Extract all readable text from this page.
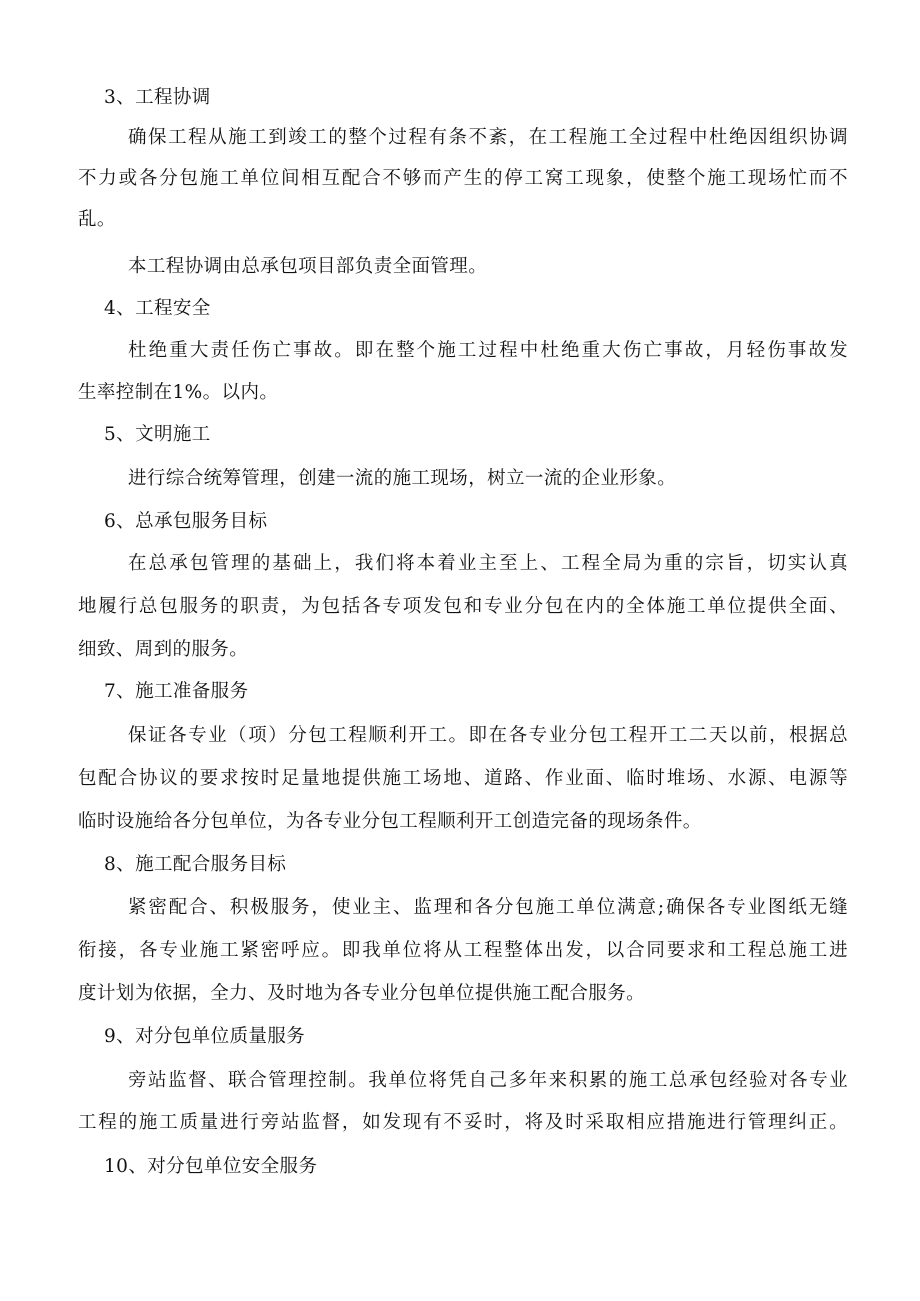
3、工程协调
确保工程从施工到竣工的整个过程有条不紊，在工程施工全过程中杜绝因组织协调
不力或各分包施工单位间相互配合不够而产生的停工窝工现象，使整个施工现场忙而不
乱。
本工程协调由总承包项目部负责全面管理。
4、工程安全
杜绝重大责任伤亡事故。即在整个施工过程中杜绝重大伤亡事故，月轻伤事故发
生率控制在1%。以内。
5、文明施工
进行综合统筹管理，创建一流的施工现场，树立一流的企业形象。
6、总承包服务目标
在总承包管理的基础上，我们将本着业主至上、工程全局为重的宗旨，切实认真
地履行总包服务的职责，为包括各专项发包和专业分包在内的全体施工单位提供全面、
细致、周到的服务。
7、施工准备服务
保证各专业（项）分包工程顺利开工。即在各专业分包工程开工二天以前，根据总
包配合协议的要求按时足量地提供施工场地、道路、作业面、临时堆场、水源、电源等
临时设施给各分包单位，为各专业分包工程顺利开工创造完备的现场条件。
8、施工配合服务目标
紧密配合、积极服务，使业主、监理和各分包施工单位满意;确保各专业图纸无缝
衔接，各专业施工紧密呼应。即我单位将从工程整体出发，以合同要求和工程总施工进
度计划为依据，全力、及时地为各专业分包单位提供施工配合服务。
9、对分包单位质量服务
旁站监督、联合管理控制。我单位将凭自己多年来积累的施工总承包经验对各专业
工程的施工质量进行旁站监督，如发现有不妥时，将及时采取相应措施进行管理纠正。
10、对分包单位安全服务
